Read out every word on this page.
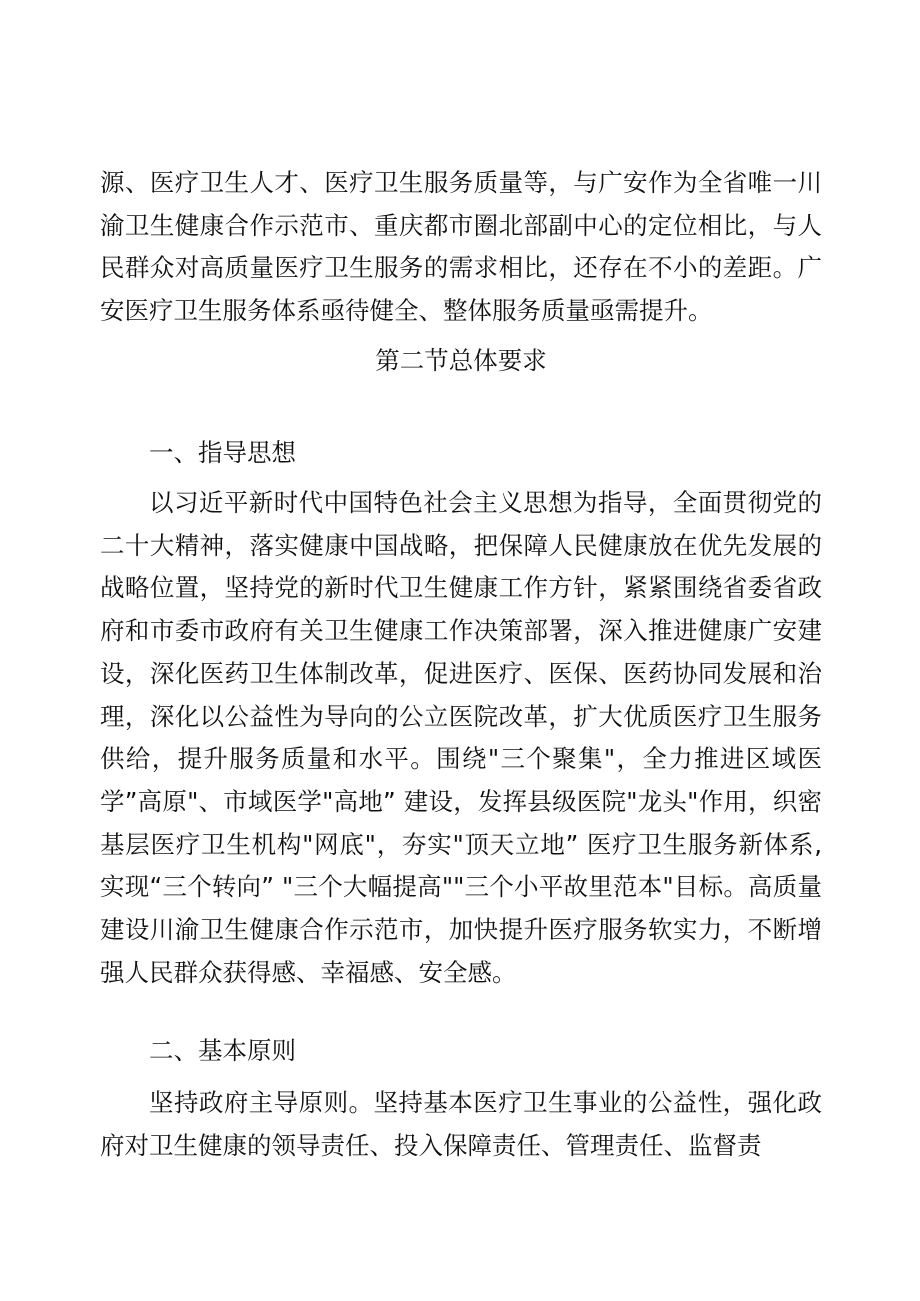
源、医疗卫生人才、医疗卫生服务质量等，与广安作为全省唯一川渝卫生健康合作示范市、重庆都市圈北部副中心的定位相比，与人民群众对高质量医疗卫生服务的需求相比，还存在不小的差距。广安医疗卫生服务体系亟待健全、整体服务质量亟需提升。

第二节总体要求

一、指导思想

以习近平新时代中国特色社会主义思想为指导，全面贯彻党的二十大精神，落实健康中国战略，把保障人民健康放在优先发展的战略位置，坚持党的新时代卫生健康工作方针，紧紧围绕省委省政府和市委市政府有关卫生健康工作决策部署，深入推进健康广安建设，深化医药卫生体制改革，促进医疗、医保、医药协同发展和治理，深化以公益性为导向的公立医院改革，扩大优质医疗卫生服务供给，提升服务质量和水平。围绕"三个聚集"，全力推进区域医学”高原"、市域医学"高地” 建设，发挥县级医院"龙头"作用，织密基层医疗卫生机构"网底"，夯实"顶天立地” 医疗卫生服务新体系,实现“三个转向” "三个大幅提高""三个小平故里范本"目标。高质量建设川渝卫生健康合作示范市，加快提升医疗服务软实力，不断增强人民群众获得感、幸福感、安全感。

二、基本原则

坚持政府主导原则。坚持基本医疗卫生事业的公益性，强化政府对卫生健康的领导责任、投入保障责任、管理责任、监督责
